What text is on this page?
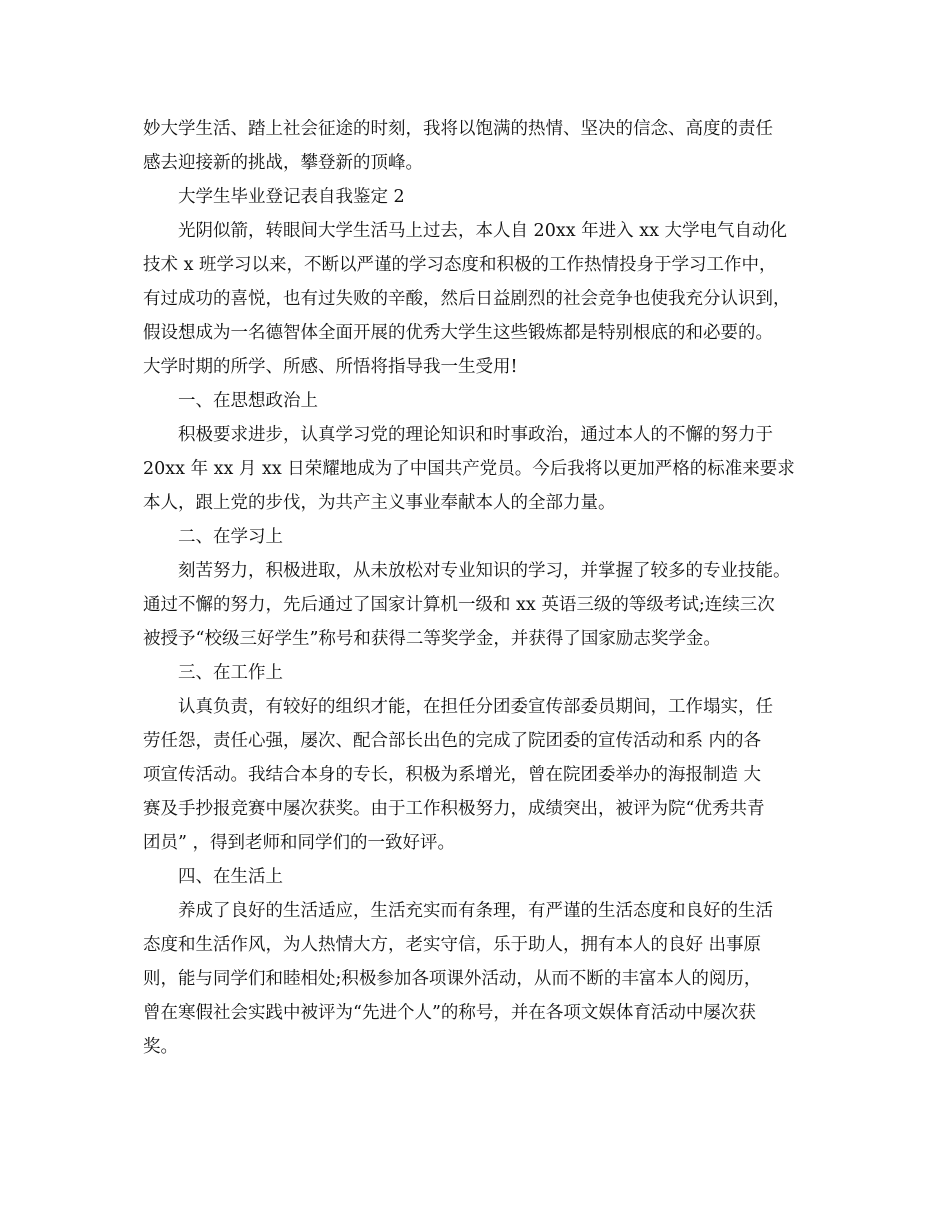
妙大学生活、踏上社会征途的时刻，我将以饱满的热情、坚决的信念、高度的责任
感去迎接新的挑战，攀登新的顶峰。
大学生毕业登记表自我鉴定 2
光阴似箭，转眼间大学生活马上过去，本人自 20xx 年进入 xx 大学电气自动化
技术 x 班学习以来，不断以严谨的学习态度和积极的工作热情投身于学习工作中，
有过成功的喜悦，也有过失败的辛酸，然后日益剧烈的社会竞争也使我充分认识到，
假设想成为一名德智体全面开展的优秀大学生这些锻炼都是特别根底的和必要的。
大学时期的所学、所感、所悟将指导我一生受用!
一、在思想政治上
积极要求进步，认真学习党的理论知识和时事政治，通过本人的不懈的努力于
20xx 年 xx 月 xx 日荣耀地成为了中国共产党员。今后我将以更加严格的标准来要求
本人，跟上党的步伐，为共产主义事业奉献本人的全部力量。
二、在学习上
刻苦努力，积极进取，从未放松对专业知识的学习，并掌握了较多的专业技能。
通过不懈的努力，先后通过了国家计算机一级和 xx 英语三级的等级考试;连续三次
被授予“校级三好学生”称号和获得二等奖学金，并获得了国家励志奖学金。
三、在工作上
认真负责，有较好的组织才能，在担任分团委宣传部委员期间，工作塌实，任
劳任怨，责任心强，屡次、配合部长出色的完成了院团委的宣传活动和系 内的各
项宣传活动。我结合本身的专长，积极为系增光，曾在院团委举办的海报制造 大
赛及手抄报竞赛中屡次获奖。由于工作积极努力，成绩突出，被评为院“优秀共青
团员” ，得到老师和同学们的一致好评。
四、在生活上
养成了良好的生活适应，生活充实而有条理，有严谨的生活态度和良好的生活
态度和生活作风，为人热情大方，老实守信，乐于助人，拥有本人的良好 出事原
则，能与同学们和睦相处;积极参加各项课外活动，从而不断的丰富本人的阅历，
曾在寒假社会实践中被评为“先进个人”的称号，并在各项文娱体育活动中屡次获
奖。
